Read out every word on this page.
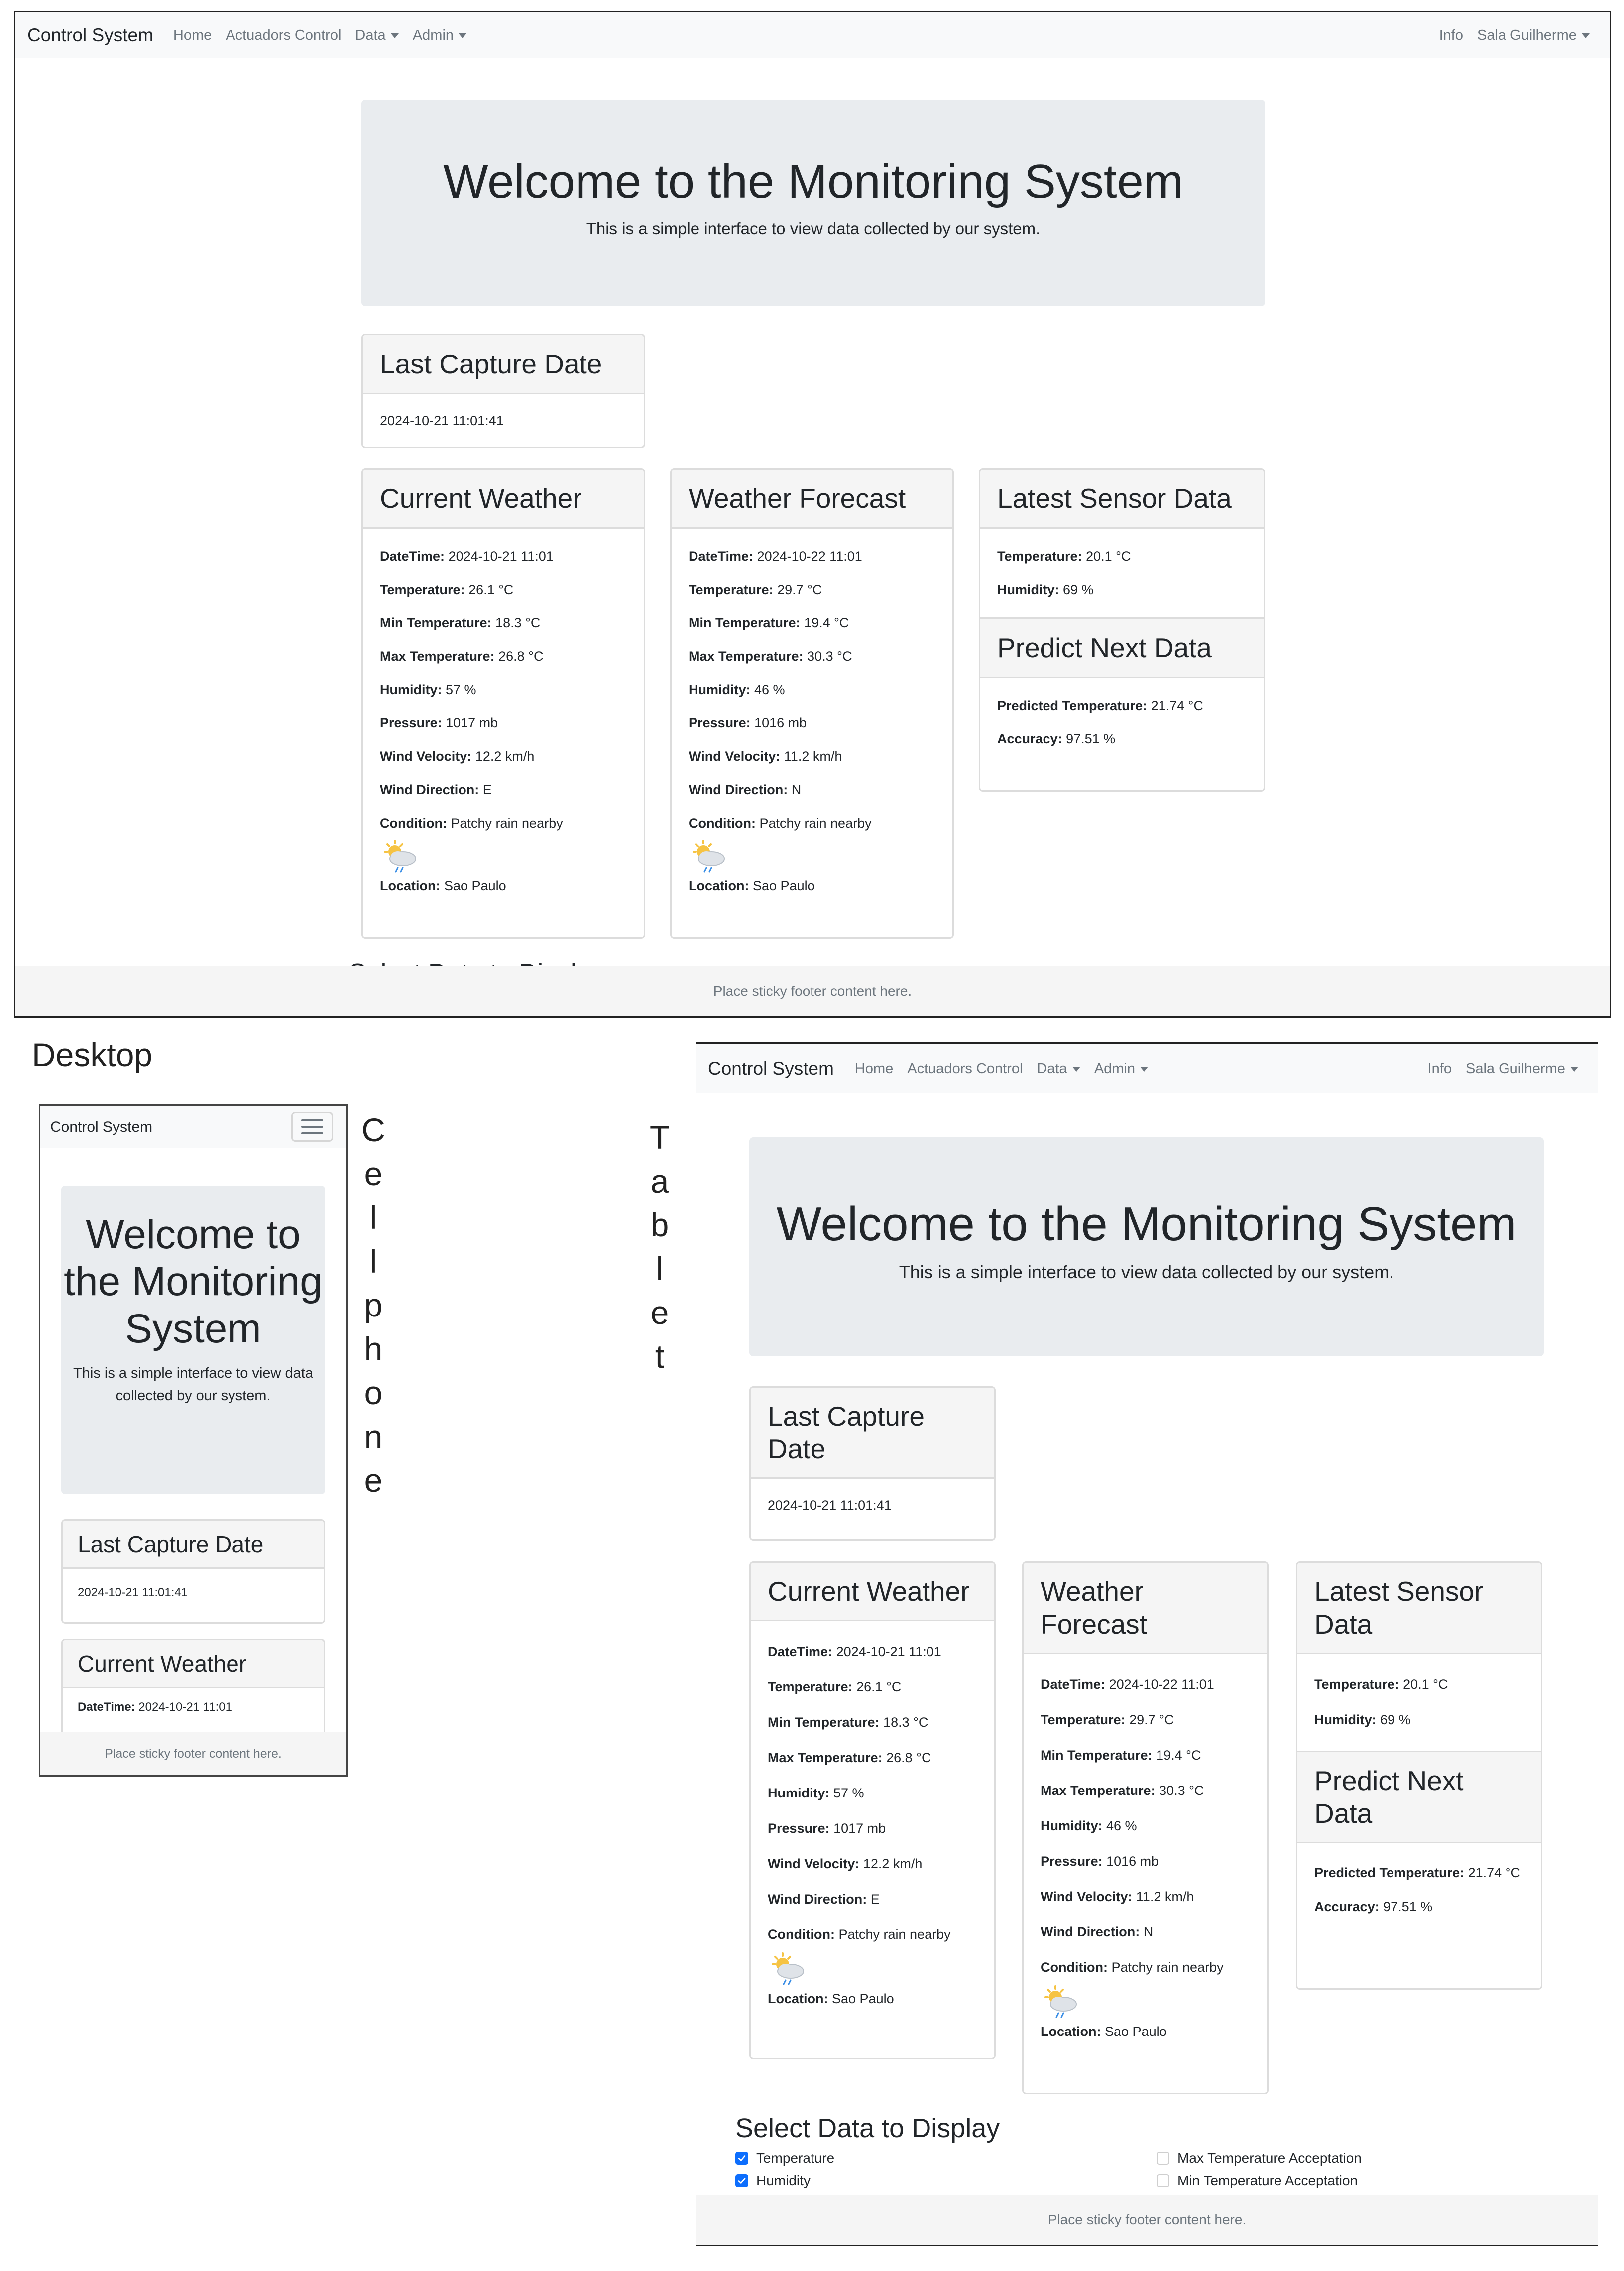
Control System Home Actuadors Control Data	Admin	Info Sala Guilherme
Welcome to the Monitoring System

This is a simple interface to view data collected by our system.

Last Capture Date
2024-10-21 11:01:41
Current Weather
DateTime: 2024-10-21 11:01
Temperature: 26.1 °C
Min Temperature: 18.3 °C
Max Temperature: 26.8 °C
Humidity: 57 %
Pressure: 1017 mb
Wind Velocity: 12.2 km/h
Wind Direction: E
Condition: Patchy rain nearby
Location: Sao Paulo
Weather Forecast
DateTime: 2024-10-22 11:01
Temperature: 29.7 °C
Min Temperature: 19.4 °C
Max Temperature: 30.3 °C
Humidity: 46 %
Pressure: 1016 mb
Wind Velocity: 11.2 km/h
Wind Direction: N
Condition: Patchy rain nearby
Location: Sao Paulo
Latest Sensor Data
Temperature: 20.1 °C
Humidity: 69 %
Predict Next Data
Predicted Temperature: 21.74 °C
Accuracy: 97.51 %
Place sticky footer content here.
Desktop
Control System
Welcome to the Monitoring System

This is a simple interface to view data collected by our system.

Last Capture Date
2024-10-21 11:01:41
Current Weather
DateTime: 2024-10-21 11:01
Place sticky footer content here.
C
e
l
l
p
h
o
n
e
T
a
b
l
e
t
Control System Home Actuadors Control Data	Admin	Info Sala Guilherme
Welcome to the Monitoring System

This is a simple interface to view data collected by our system.

Last Capture Date
2024-10-21 11:01:41
Current Weather
DateTime: 2024-10-21 11:01
Temperature: 26.1 °C
Min Temperature: 18.3 °C
Max Temperature: 26.8 °C
Humidity: 57 %
Pressure: 1017 mb
Wind Velocity: 12.2 km/h
Wind Direction: E
Condition: Patchy rain nearby
Location: Sao Paulo
Weather Forecast
DateTime: 2024-10-22 11:01
Temperature: 29.7 °C
Min Temperature: 19.4 °C
Max Temperature: 30.3 °C
Humidity: 46 %
Pressure: 1016 mb
Wind Velocity: 11.2 km/h
Wind Direction: N
Condition: Patchy rain nearby
Location: Sao Paulo
Latest Sensor Data
Temperature: 20.1 °C
Humidity: 69 %
Predict Next Data
Predicted Temperature: 21.74 °C
Accuracy: 97.51 %
Select Data to Display
Temperature
Humidity
Max Temperature Acceptation
Min Temperature Acceptation
Place sticky footer content here.
